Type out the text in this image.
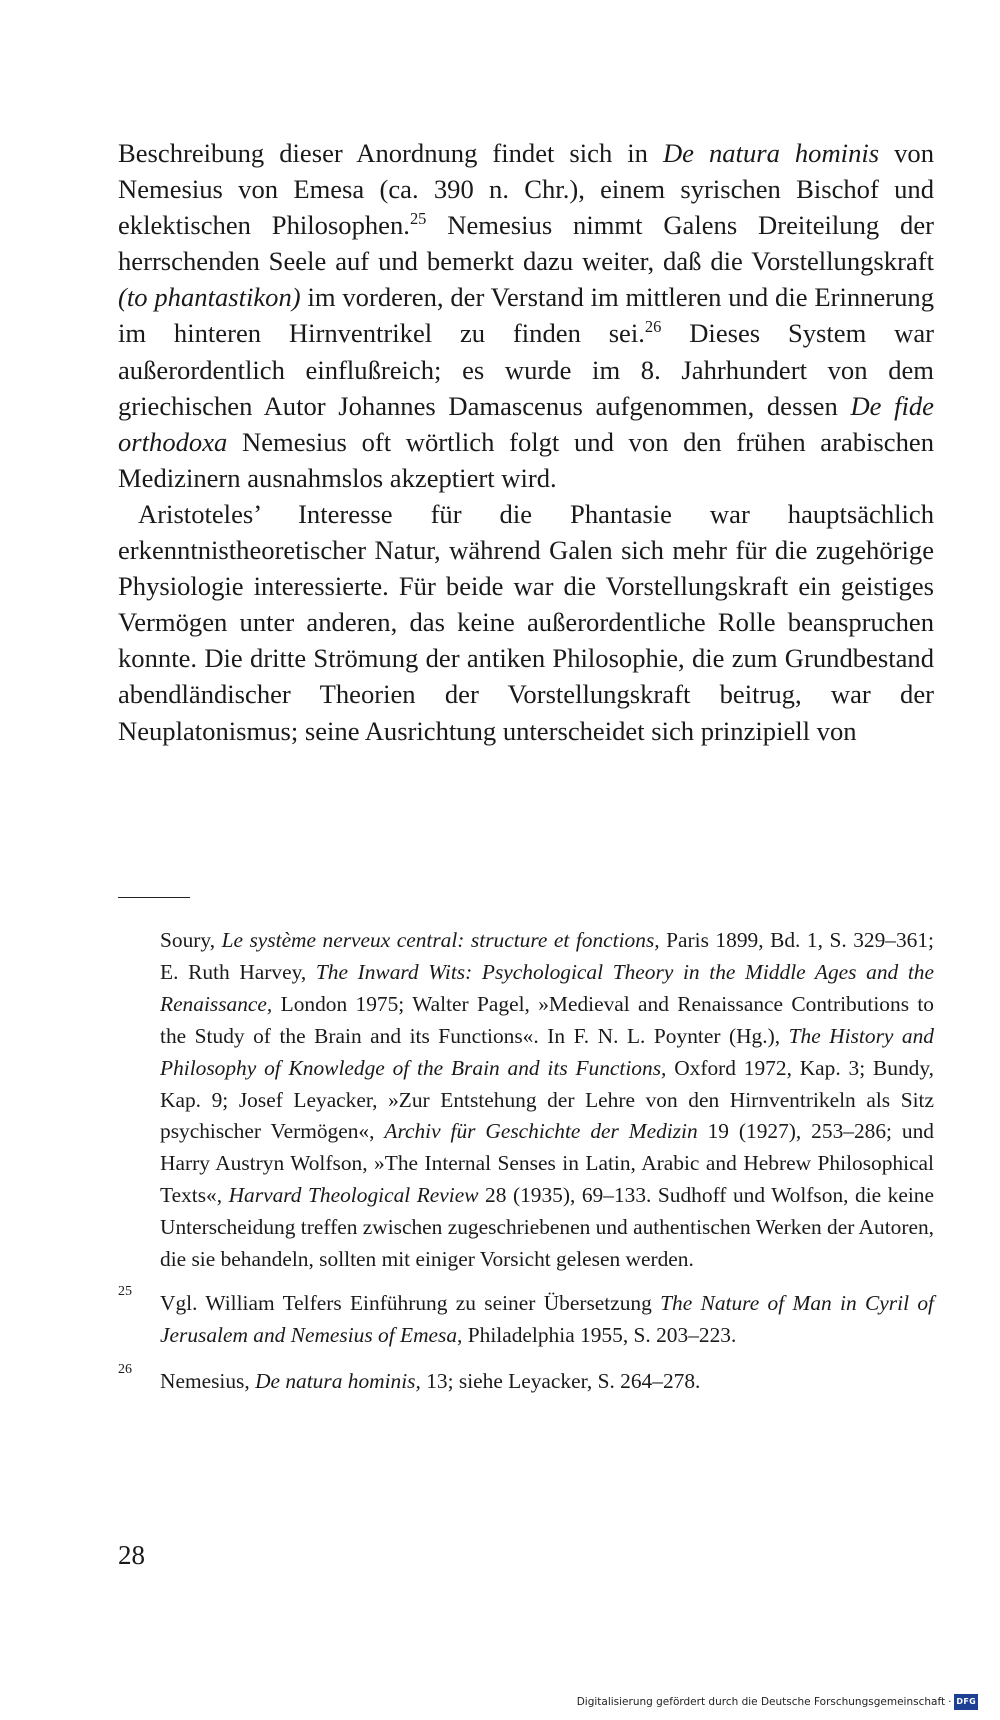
Beschreibung dieser Anordnung findet sich in De natura hominis von Nemesius von Emesa (ca. 390 n. Chr.), einem syrischen Bischof und eklektischen Philosophen.$^{25}$ Nemesius nimmt Galens Dreiteilung der herrschenden Seele auf und bemerkt dazu weiter, daß die Vorstellungskraft (to phantastikon) im vorderen, der Verstand im mittleren und die Erinnerung im hinteren Hirnventrikel zu finden sei.$^{26}$ Dieses System war außerordentlich einflußreich; es wurde im 8. Jahrhundert von dem griechischen Autor Johannes Damascenus aufgenommen, dessen De fide orthodoxa Nemesius oft wörtlich folgt und von den frühen arabischen Medizinern ausnahmslos akzeptiert wird.

Aristoteles’ Interesse für die Phantasie war hauptsächlich erkenntnistheoretischer Natur, während Galen sich mehr für die zugehörige Physiologie interessierte. Für beide war die Vorstellungskraft ein geistiges Vermögen unter anderen, das keine außerordentliche Rolle beanspruchen konnte. Die dritte Strömung der antiken Philosophie, die zum Grundbestand abendländischer Theorien der Vorstellungskraft beitrug, war der Neuplatonismus; seine Ausrichtung unterscheidet sich prinzipiell von

Soury, Le système nerveux central: structure et fonctions, Paris 1899, Bd. 1, S. 329–361; E. Ruth Harvey, The Inward Wits: Psychological Theory in the Middle Ages and the Renaissance, London 1975; Walter Pagel, »Medieval and Renaissance Contributions to the Study of the Brain and its Functions«. In F. N. L. Poynter (Hg.), The History and Philosophy of Knowledge of the Brain and its Functions, Oxford 1972, Kap. 3; Bundy, Kap. 9; Josef Leyacker, »Zur Entstehung der Lehre von den Hirnventrikeln als Sitz psychischer Vermögen«, Archiv für Geschichte der Medizin 19 (1927), 253–286; und Harry Austryn Wolfson, »The Internal Senses in Latin, Arabic and Hebrew Philosophical Texts«, Harvard Theological Review 28 (1935), 69–133. Sudhoff und Wolfson, die keine Unterscheidung treffen zwischen zugeschriebenen und authentischen Werken der Autoren, die sie behandeln, sollten mit einiger Vorsicht gelesen werden.

25 Vgl. William Telfers Einführung zu seiner Übersetzung The Nature of Man in Cyril of Jerusalem and Nemesius of Emesa, Philadelphia 1955, S. 203–223.

26 Nemesius, De natura hominis, 13; siehe Leyacker, S. 264–278.

28
Digitalisierung gefördert durch die Deutsche Forschungsgemeinschaft · DFG
